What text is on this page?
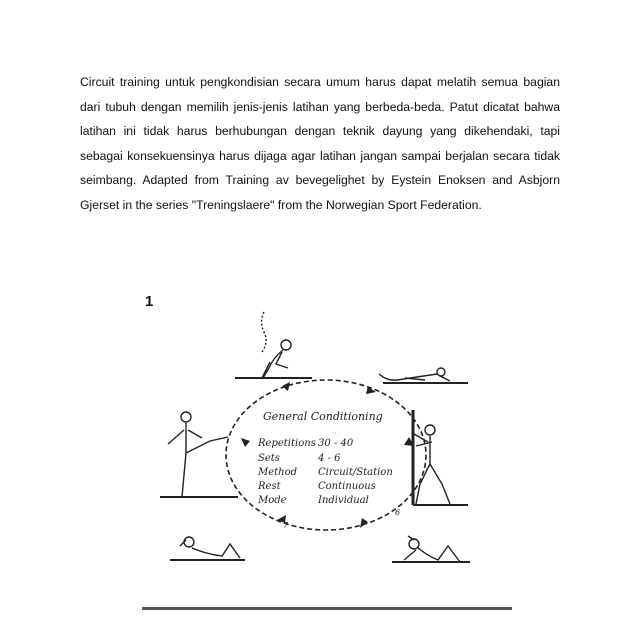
Circuit training untuk pengkondisian secara umum harus dapat melatih semua bagian dari tubuh dengan memilih jenis-jenis latihan yang berbeda-beda. Patut dicatat bahwa latihan ini tidak harus berhubungan dengan teknik dayung yang dikehendaki, tapi sebagai konsekuensinya harus dijaga agar latihan jangan sampai berjalan secara tidak seimbang. Adapted from Training av bevegelighet by Eystein Enoksen and Asbjorn Gjerset in the series "Treningslaere" from the Norwegian Sport Federation.

1
5
6
7
General Conditioning
Repetitions 30 - 40
Sets	4 - 6
Method Circuit/Station
Rest	Continuous
Mode	Individual
